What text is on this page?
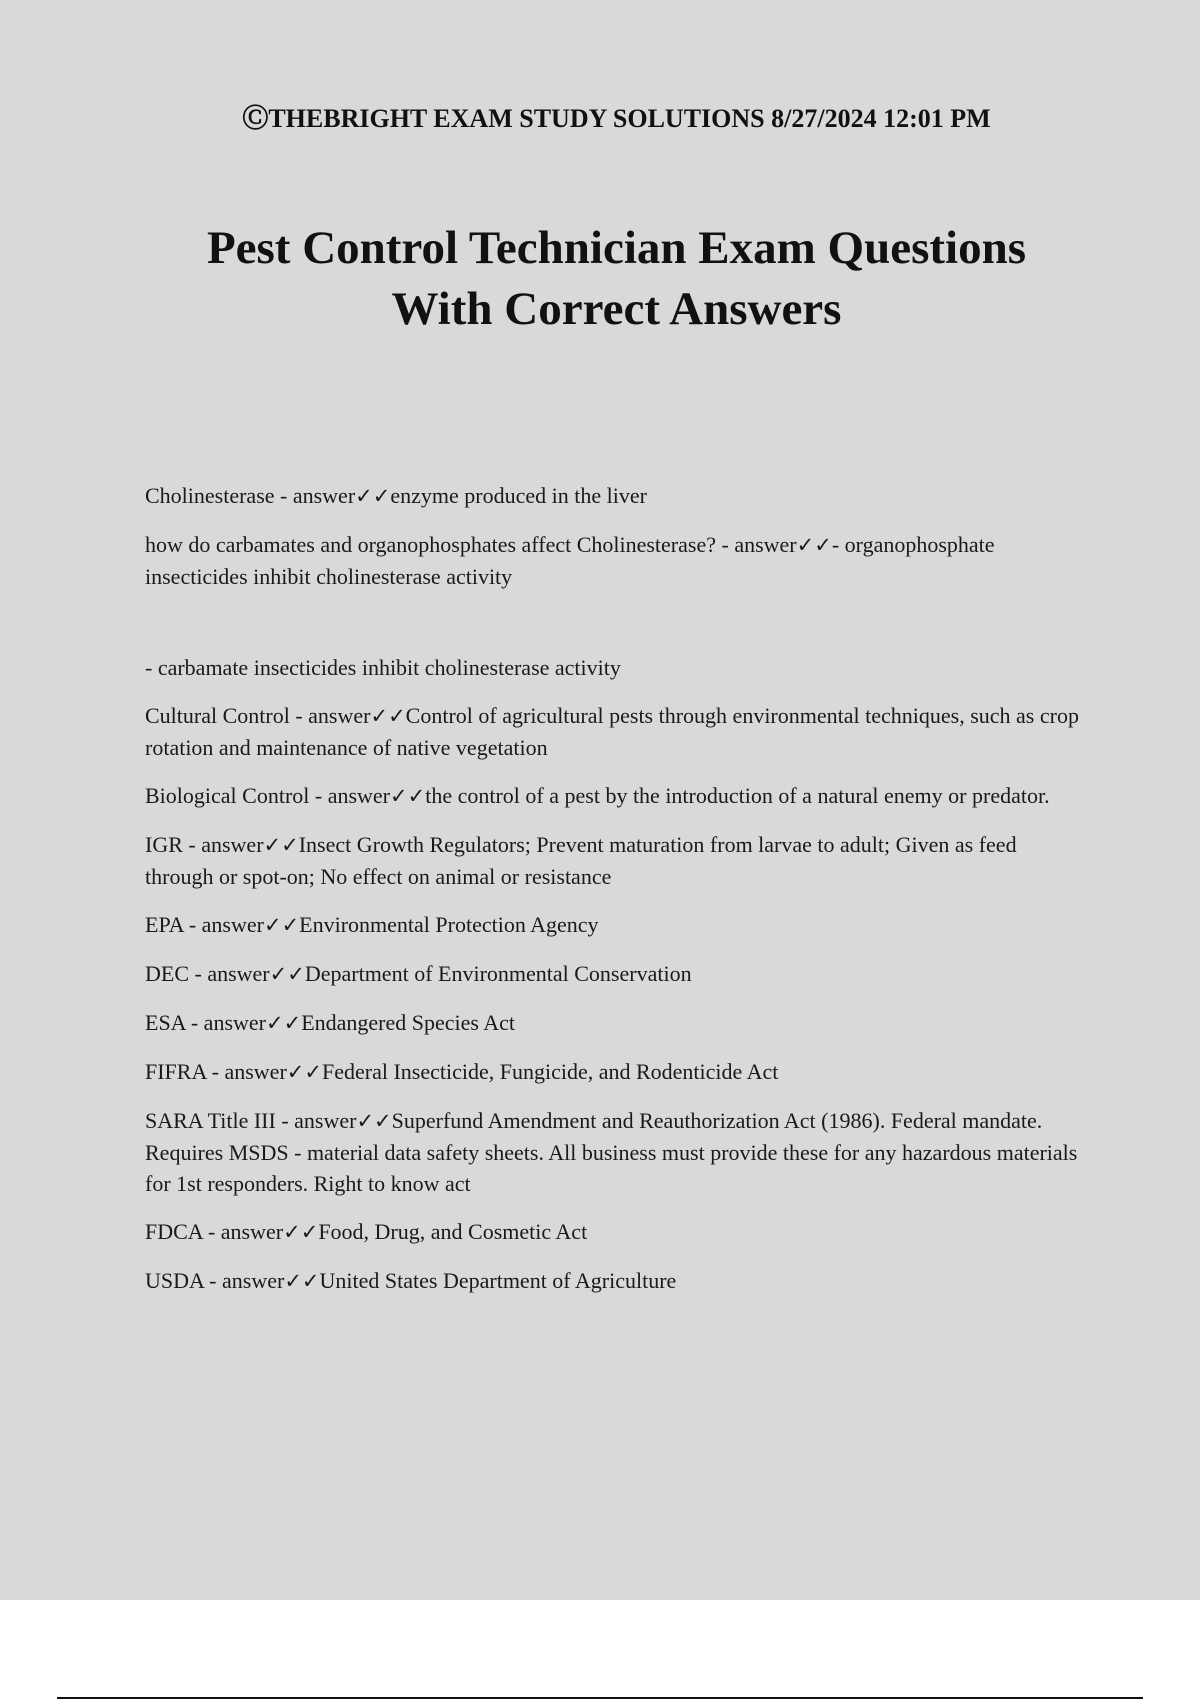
ⒸTHEBRIGHT EXAM STUDY SOLUTIONS 8/27/2024 12:01 PM
Pest Control Technician Exam Questions
With Correct Answers

Cholinesterase - answer✓✓enzyme produced in the liver

how do carbamates and organophosphates affect Cholinesterase? - answer✓✓- organophosphate insecticides inhibit cholinesterase activity

- carbamate insecticides inhibit cholinesterase activity

Cultural Control - answer✓✓Control of agricultural pests through environmental techniques, such as crop rotation and maintenance of native vegetation

Biological Control - answer✓✓the control of a pest by the introduction of a natural enemy or predator.

IGR - answer✓✓Insect Growth Regulators; Prevent maturation from larvae to adult; Given as feed through or spot-on; No effect on animal or resistance

EPA - answer✓✓Environmental Protection Agency

DEC - answer✓✓Department of Environmental Conservation

ESA - answer✓✓Endangered Species Act

FIFRA - answer✓✓Federal Insecticide, Fungicide, and Rodenticide Act

SARA Title III - answer✓✓Superfund Amendment and Reauthorization Act (1986). Federal mandate. Requires MSDS - material data safety sheets. All business must provide these for any hazardous materials for 1st responders. Right to know act

FDCA - answer✓✓Food, Drug, and Cosmetic Act

USDA - answer✓✓United States Department of Agriculture
